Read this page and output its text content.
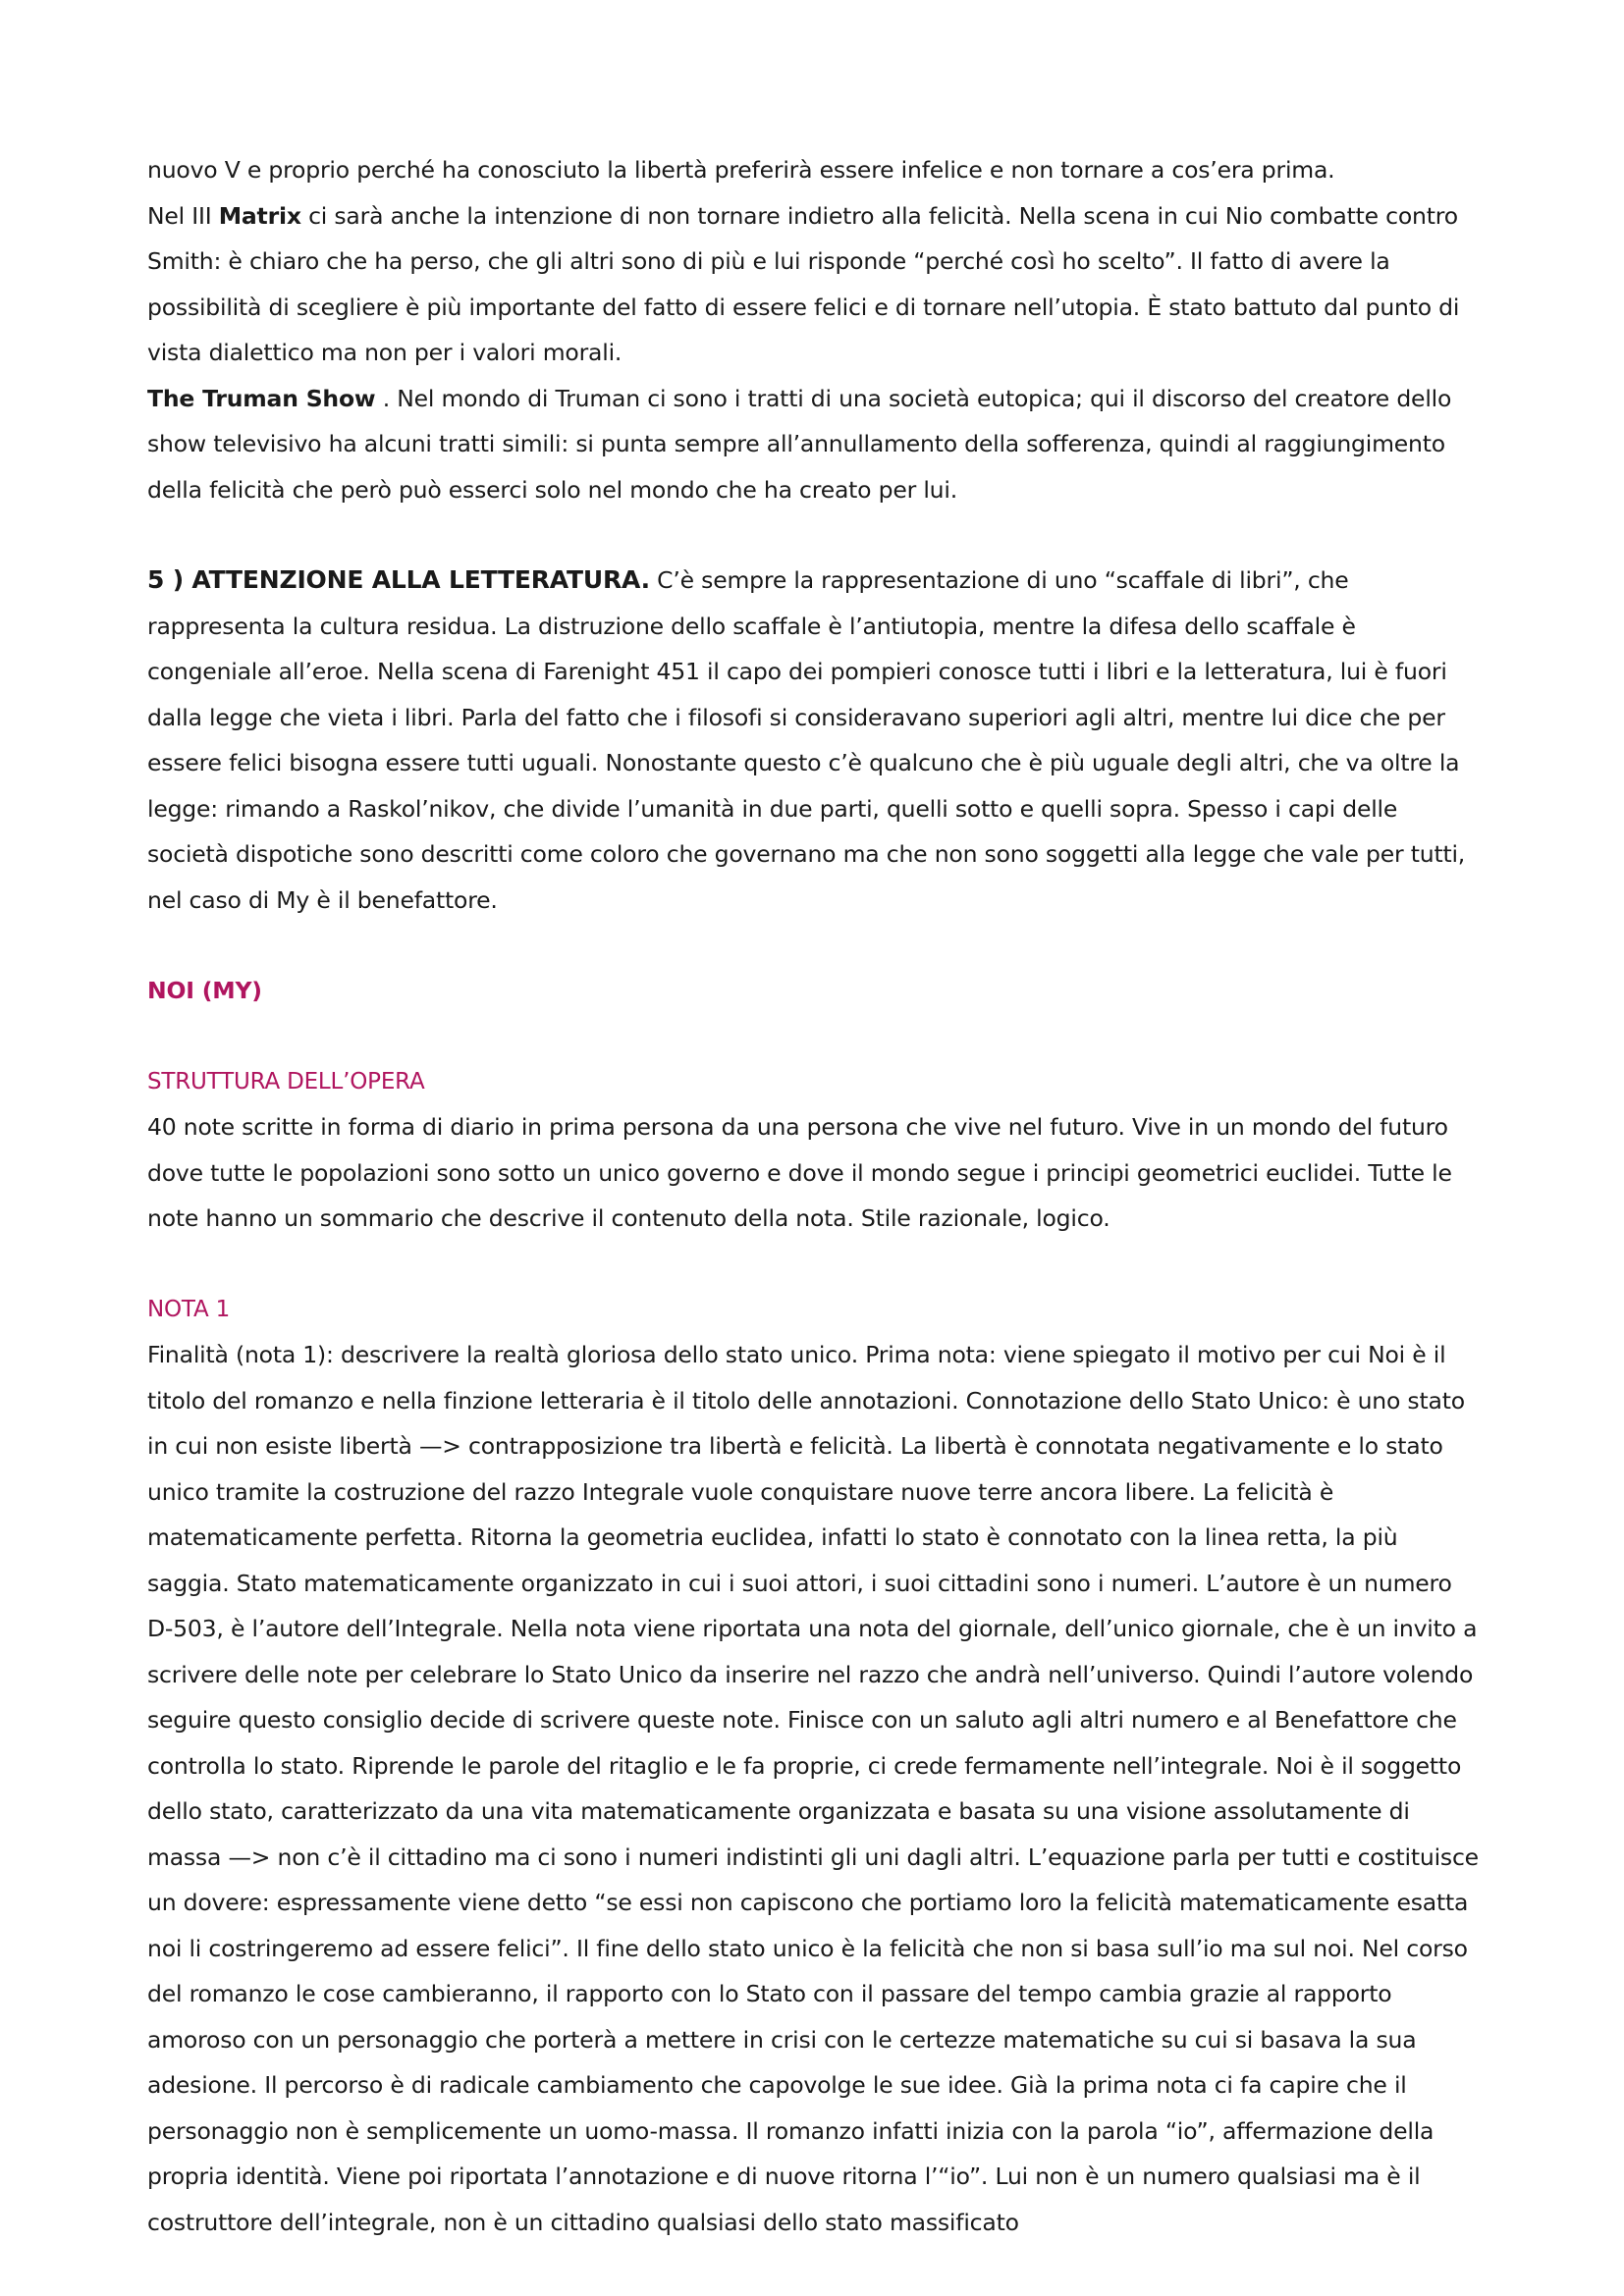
nuovo V e proprio perché ha conosciuto la libertà preferirà essere infelice e non tornare a cos’era prima.

Nel III Matrix ci sarà anche la intenzione di non tornare indietro alla felicità. Nella scena in cui Nio combatte contro Smith: è chiaro che ha perso, che gli altri sono di più e lui risponde “perché così ho scelto”. Il fatto di avere la possibilità di scegliere è più importante del fatto di essere felici e di tornare nell’utopia. È stato battuto dal punto di vista dialettico ma non per i valori morali.

The Truman Show . Nel mondo di Truman ci sono i tratti di una società eutopica; qui il discorso del creatore dello show televisivo ha alcuni tratti simili: si punta sempre all’annullamento della sofferenza, quindi al raggiungimento della felicità che però può esserci solo nel mondo che ha creato per lui.

5 ) ATTENZIONE ALLA LETTERATURA. C’è sempre la rappresentazione di uno “scaffale di libri”, che rappresenta la cultura residua. La distruzione dello scaffale è l’antiutopia, mentre la difesa dello scaffale è congeniale all’eroe. Nella scena di Farenight 451 il capo dei pompieri conosce tutti i libri e la letteratura, lui è fuori dalla legge che vieta i libri. Parla del fatto che i filosofi si consideravano superiori agli altri, mentre lui dice che per essere felici bisogna essere tutti uguali. Nonostante questo c’è qualcuno che è più uguale degli altri, che va oltre la legge: rimando a Raskol’nikov, che divide l’umanità in due parti, quelli sotto e quelli sopra. Spesso i capi delle società dispotiche sono descritti come coloro che governano ma che non sono soggetti alla legge che vale per tutti, nel caso di My è il benefattore.

NOI (MY)

STRUTTURA DELL’OPERA

40 note scritte in forma di diario in prima persona da una persona che vive nel futuro. Vive in un mondo del futuro dove tutte le popolazioni sono sotto un unico governo e dove il mondo segue i principi geometrici euclidei. Tutte le note hanno un sommario che descrive il contenuto della nota. Stile razionale, logico.

NOTA 1

Finalità (nota 1): descrivere la realtà gloriosa dello stato unico. Prima nota: viene spiegato il motivo per cui Noi è il titolo del romanzo e nella finzione letteraria è il titolo delle annotazioni. Connotazione dello Stato Unico: è uno stato in cui non esiste libertà —> contrapposizione tra libertà e felicità. La libertà è connotata negativamente e lo stato unico tramite la costruzione del razzo Integrale vuole conquistare nuove terre ancora libere. La felicità è matematicamente perfetta. Ritorna la geometria euclidea, infatti lo stato è connotato con la linea retta, la più saggia. Stato matematicamente organizzato in cui i suoi attori, i suoi cittadini sono i numeri. L’autore è un numero D-503, è l’autore dell’Integrale. Nella nota viene riportata una nota del giornale, dell’unico giornale, che è un invito a scrivere delle note per celebrare lo Stato Unico da inserire nel razzo che andrà nell’universo. Quindi l’autore volendo seguire questo consiglio decide di scrivere queste note. Finisce con un saluto agli altri numero e al Benefattore che controlla lo stato. Riprende le parole del ritaglio e le fa proprie, ci crede fermamente nell’integrale. Noi è il soggetto dello stato, caratterizzato da una vita matematicamente organizzata e basata su una visione assolutamente di massa —> non c’è il cittadino ma ci sono i numeri indistinti gli uni dagli altri. L’equazione parla per tutti e costituisce un dovere: espressamente viene detto “se essi non capiscono che portiamo loro la felicità matematicamente esatta noi li costringeremo ad essere felici”. Il fine dello stato unico è la felicità che non si basa sull’io ma sul noi. Nel corso del romanzo le cose cambieranno, il rapporto con lo Stato con il passare del tempo cambia grazie al rapporto amoroso con un personaggio che porterà a mettere in crisi con le certezze matematiche su cui si basava la sua adesione. Il percorso è di radicale cambiamento che capovolge le sue idee. Già la prima nota ci fa capire che il personaggio non è semplicemente un uomo-massa. Il romanzo infatti inizia con la parola “io”, affermazione della propria identità. Viene poi riportata l’annotazione e di nuove ritorna l’“io”. Lui non è un numero qualsiasi ma è il costruttore dell’integrale, non è un cittadino qualsiasi dello stato massificato
